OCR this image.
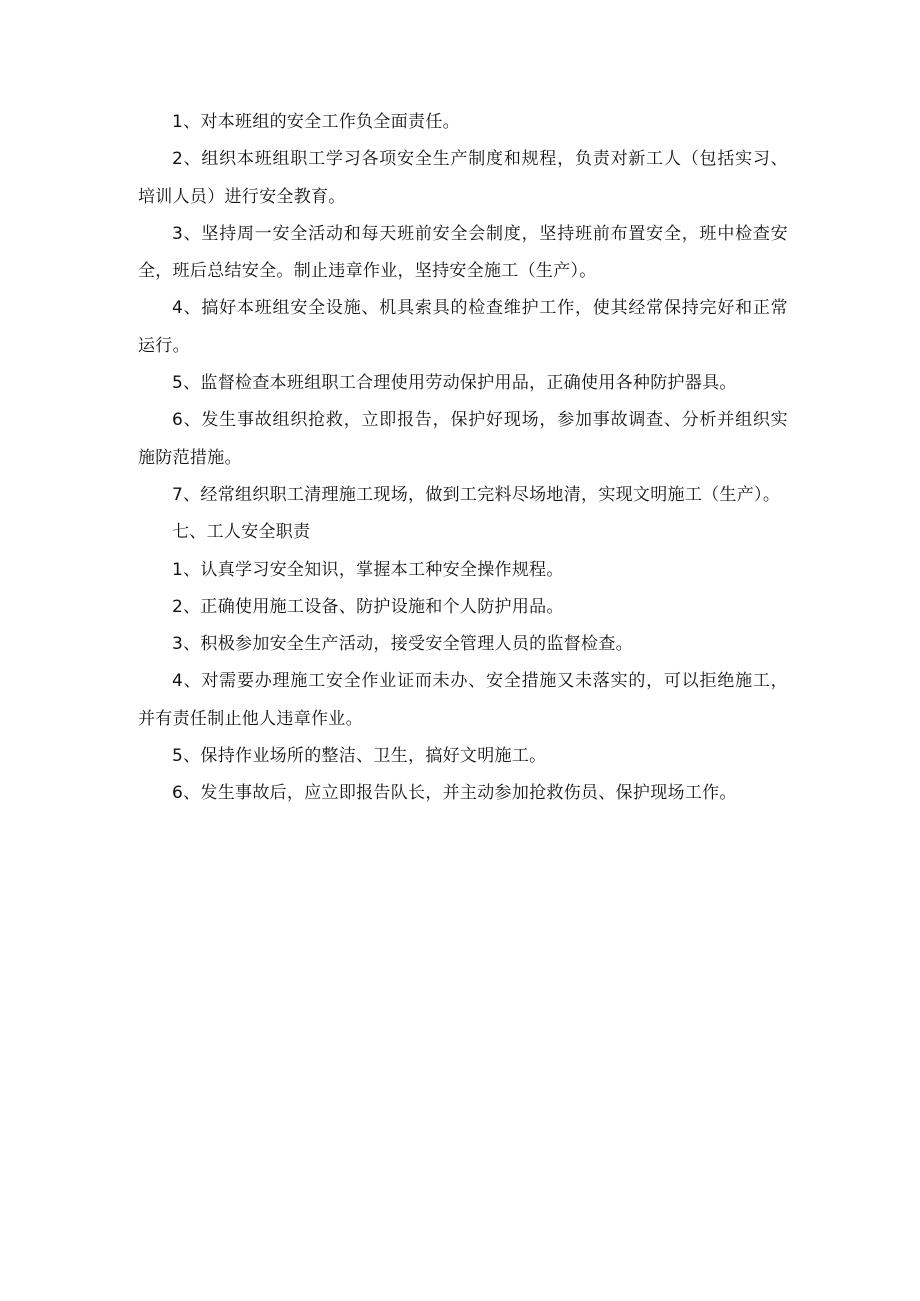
1、对本班组的安全工作负全面责任。

2、组织本班组职工学习各项安全生产制度和规程，负责对新工人（包括实习、培训人员）进行安全教育。

3、坚持周一安全活动和每天班前安全会制度，坚持班前布置安全，班中检查安全，班后总结安全。制止违章作业，坚持安全施工（生产）。

4、搞好本班组安全设施、机具索具的检查维护工作，使其经常保持完好和正常运行。

5、监督检查本班组职工合理使用劳动保护用品，正确使用各种防护器具。

6、发生事故组织抢救，立即报告，保护好现场，参加事故调查、分析并组织实施防范措施。

7、经常组织职工清理施工现场，做到工完料尽场地清，实现文明施工（生产）。

七、工人安全职责

1、认真学习安全知识，掌握本工种安全操作规程。

2、正确使用施工设备、防护设施和个人防护用品。

3、积极参加安全生产活动，接受安全管理人员的监督检查。

4、对需要办理施工安全作业证而未办、安全措施又未落实的，可以拒绝施工，并有责任制止他人违章作业。

5、保持作业场所的整洁、卫生，搞好文明施工。

6、发生事故后，应立即报告队长，并主动参加抢救伤员、保护现场工作。
